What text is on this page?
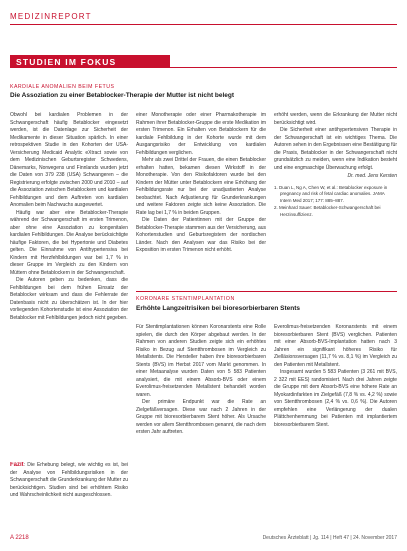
MEDIZINREPORT
STUDIEN IM FOKUS
KARDIALE ANOMALIEN BEIM FETUS
Die Assoziation zu einer Betablocker-Therapie der Mutter ist nicht belegt

Obwohl bei kardialen Problemen in der Schwangerschaft häufig Betablocker eingesetzt werden, ist die Datenlage zur Sicherheit der Medikamente in dieser Situation spärlich. In einer retrospektiven Studie in den Kohorten der USA-Versicherung Medicaid Analytic eXtract sowie von dem Medizinischen Geburtsregister Schwedens, Dänemarks, Norwegens und Finnlands wurden jetzt die Daten von 379 238 (USA) Schwangeren – die Registrierung erfolgte zwischen 2000 und 2010 – auf die Assoziation zwischen Betablockern und kardialen Fehlbildungen und dem Auftreten von kardialen Anomalien beim Nachwuchs ausgewertet.

Häufig war aber eine Betablocker-Therapie während der Schwangerschaft im ersten Trimenon, aber ohne eine Assoziation zu kongenitalen kardialen Fehlbildungen. Die Analyse berücksichtigte häufige Faktoren, die bei Hypertonie und Diabetes gelten. Die Einnahme von Antihypertensiva bei Kindern mit Herzfehlbildungen war bei 1,7 % in dieser Gruppe im Vergleich zu den Kindern von Müttern ohne Betablockern in der Schwangerschaft.

Die Autoren geben zu bedenken, dass die Fehlbildungen bei dem frühen Einsatz der Betablocker wirksam und dass die Fehlerrate der Datenbasis nicht zu überschätzen ist. In der hier vorliegenden Kohortenstudie ist eine Assoziation der Betablocker mit Fehlbildungen jedoch nicht gegeben.

Fazit: Die Erhebung belegt, wie wichtig es ist, bei der Analyse von Fehlbildungsrisiken in der Schwangerschaft die Grunderkrankung der Mutter zu berücksichtigen. Studien sind bei erhöhtem Risiko und Wahrscheinlichkeit nicht ausgeschlossen.

einer Monotherapie oder einer Pharmakotherapie im Rahmen ihrer Betablocker-Gruppe die erste Medikation im ersten Trimenon. Ein Erhalten von Betablockern für die kardiale Fehlbildung in der Kohorte wurde mit dem Ausgangsrisiko der Entwicklung von kardialen Fehlbildungen verglichen.

Mehr als zwei Drittel der Frauen, die einen Betablocker erhalten hatten, bekamen diesen Wirkstoff in der Monotherapie. Von den Risikofaktoren wurde bei den Kindern der Mütter unter Betablockern eine Erhöhung der Fehlbildungsrate nur bei der unadjustierten Analyse beobachtet. Nach Adjustierung für Grunderkrankungen und weitere Faktoren zeigte sich keine Assoziation. Die Rate lag bei 1,7 % in beiden Gruppen.

Die Daten der Patientinnen mit der Gruppe der Betablocker-Therapie stammen aus der Versicherung, aus Kohortenstudien und Geburtsregistern der nordischen Länder. Nach den Analysen war das Risiko bei der Exposition im ersten Trimenon nicht erhöht.

erhöht werden, wenn die Erkrankung der Mutter nicht berücksichtigt wird.

Die Sicherheit einer antihypertensiven Therapie in der Schwangerschaft ist ein wichtiges Thema. Die Autoren sehen in den Ergebnissen eine Bestätigung für die Praxis, Betablocker in der Schwangerschaft nicht grundsätzlich zu meiden, wenn eine Indikation besteht und eine engmaschige Überwachung erfolgt.

Dr. med. Jens Kersten
1. Duan L, Ng A, Chen W, et al.: Betablocker exposure in pregnancy and risk of fetal cardiac anomalies. JAMA Intern Med 2017; 177: 885–887.
2. Meinhard Sauer: Betablocker-Schwangerschaft bei Herzinsuffizienz.
KORONARE STENTIMPLANTATION
Erhöhte Langzeitrisiken bei bioresorbierbaren Stents

Für Stentimplantationen können Koronarstents eine Rolle spielen, die durch den Körper abgebaut werden. In der Rahmen von anderen Studien zeigte sich ein erhöhtes Risiko in Bezug auf Stentthrombosen im Vergleich zu Metallstents. Die Hersteller haben ihre bioresorbierbaren Stents (BVS) im Herbst 2017 vom Markt genommen. In einer Metaanalyse wurden Daten von 5 583 Patienten analysiert, die mit einem Absorb-BVS oder einem Everolimus-freisetzenden Metallstent behandelt worden waren.

Der primäre Endpunkt war die Rate an Zielgefäßversagen. Diese war nach 2 Jahren in der Gruppe mit bioresorbierbarem Stent höher. Als Ursache werden vor allem Stentthrombosen genannt, die nach dem ersten Jahr auftreten.

Everolimus-freisetzenden Koronarstents mit einem bioresorbierbaren Stent (BVS) verglichen. Patienten mit einer Absorb-BVS-Implantation hatten nach 3 Jahren ein signifikant höheres Risiko für Zielläsionsversagen (11,7 % vs. 8,1 %) im Vergleich zu den Patienten mit Metallstent.

Insgesamt wurden 5 583 Patienten (3 261 mit BVS, 2 322 mit EES) randomisiert. Nach drei Jahren zeigte die Gruppe mit dem Absorb-BVS eine höhere Rate an Myokardinfarkten im Zielgefäß (7,8 % vs. 4,2 %) sowie von Stentthrombosen (2,4 % vs. 0,6 %). Die Autoren empfehlen eine Verlängerung der dualen Plättchenhemmung bei Patienten mit implantiertem bioresorbierbarem Stent.

A 2218	Deutsches Ärzteblatt | Jg. 114 | Heft 47 | 24. November 2017
